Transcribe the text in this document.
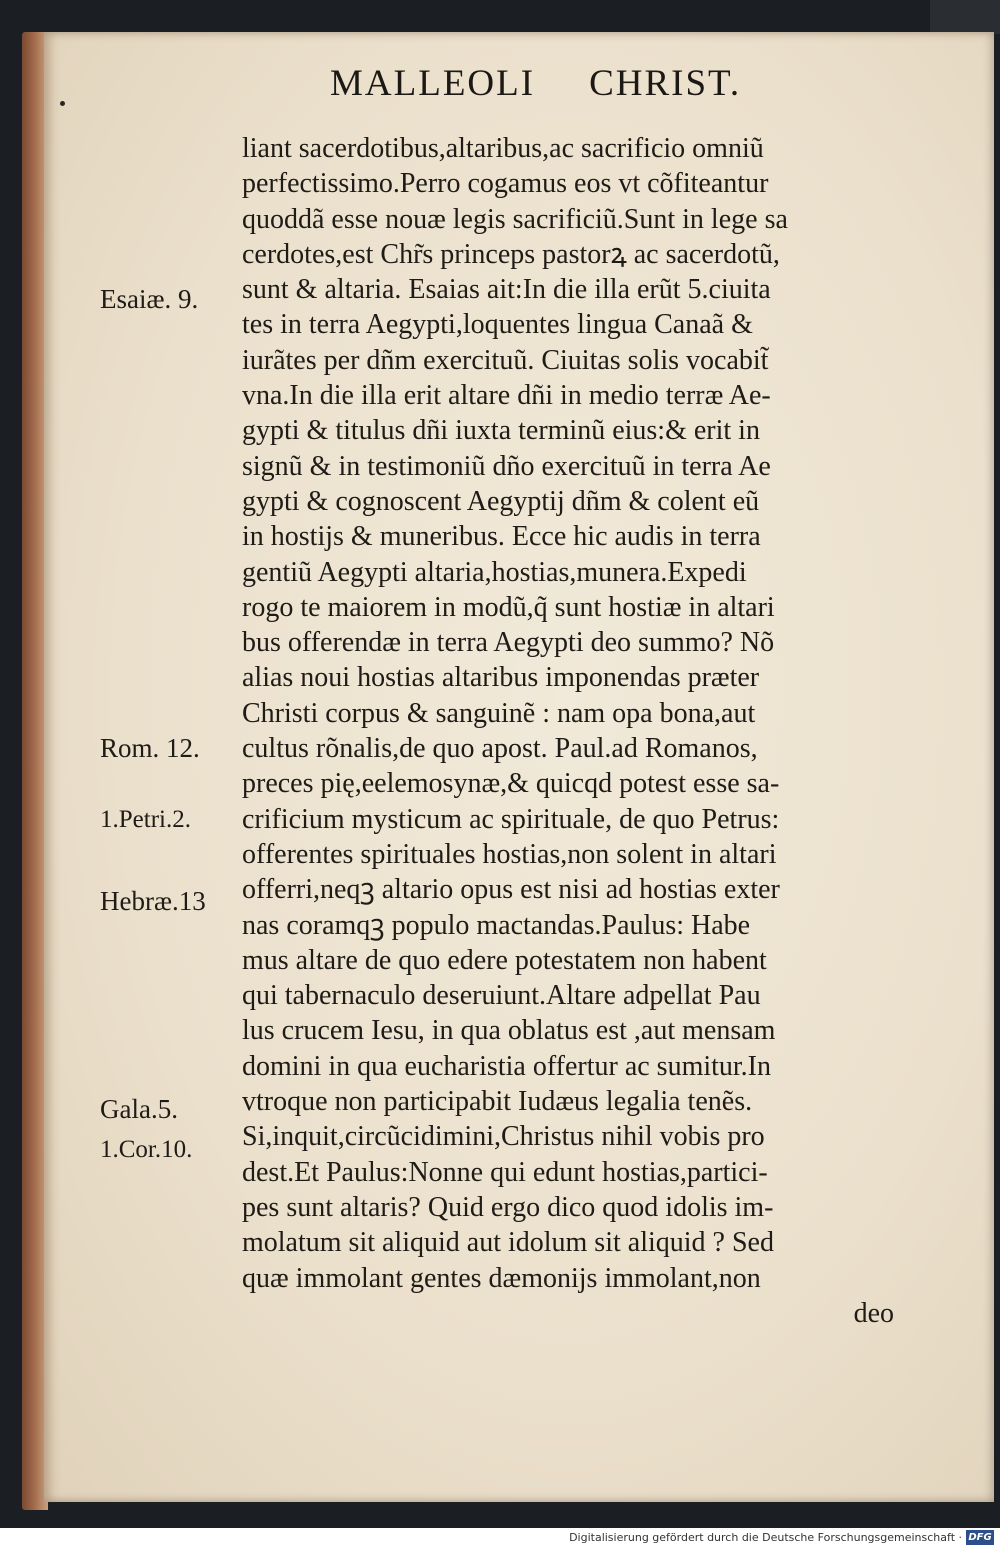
MALLEOLI CHRIST.
Esaiæ. 9.
Rom. 12.
1.Petri.2.
Hebræ.13
Gala.5.
1.Cor.10.
liant sacerdotibus,altaribus,ac sacrificio omniũ
perfectissimo.Perro cogamus eos vt cõfiteantur
quoddã esse nouæ legis sacrificiũ.Sunt in lege sa
cerdotes,est Chr̃s princeps pastorꝝ ac sacerdotũ,
sunt & altaria. Esaias ait:In die illa erũt 5.ciuita
tes in terra Aegypti,loquentes lingua Canaã &
iurãtes per dñm exercituũ. Ciuitas solis vocabit̃
vna.In die illa erit altare dñi in medio terræ Ae-
gypti & titulus dñi iuxta terminũ eius:& erit in
signũ & in testimoniũ dño exercituũ in terra Ae
gypti & cognoscent Aegyptij dñm & colent eũ
in hostijs & muneribus. Ecce hic audis in terra
gentiũ Aegypti altaria,hostias,munera.Expedi
rogo te maiorem in modũ,q̃ sunt hostiæ in altari
bus offerendæ in terra Aegypti deo summo? Nõ
alias noui hostias altaribus imponendas præter
Christi corpus & sanguinẽ : nam opa bona,aut
cultus rõnalis,de quo apost. Paul.ad Romanos,
preces pię,eelemosynæ,& quicqd potest esse sa-
crificium mysticum ac spirituale, de quo Petrus:
offerentes spirituales hostias,non solent in altari
offerri,neqꝫ altario opus est nisi ad hostias exter
nas coramqꝫ populo mactandas.Paulus: Habe
mus altare de quo edere potestatem non habent
qui tabernaculo deseruiunt.Altare adpellat Pau
lus crucem Iesu, in qua oblatus est ,aut mensam
domini in qua eucharistia offertur ac sumitur.In
vtroque non participabit Iudæus legalia tenẽs.
Si,inquit,circũcidimini,Christus nihil vobis pro
dest.Et Paulus:Nonne qui edunt hostias,partici-
pes sunt altaris? Quid ergo dico quod idolis im-
molatum sit aliquid aut idolum sit aliquid ? Sed
quæ immolant gentes dæmonijs immolant,non
deo
Digitalisierung gefördert durch die Deutsche Forschungsgemeinschaft · DFG
